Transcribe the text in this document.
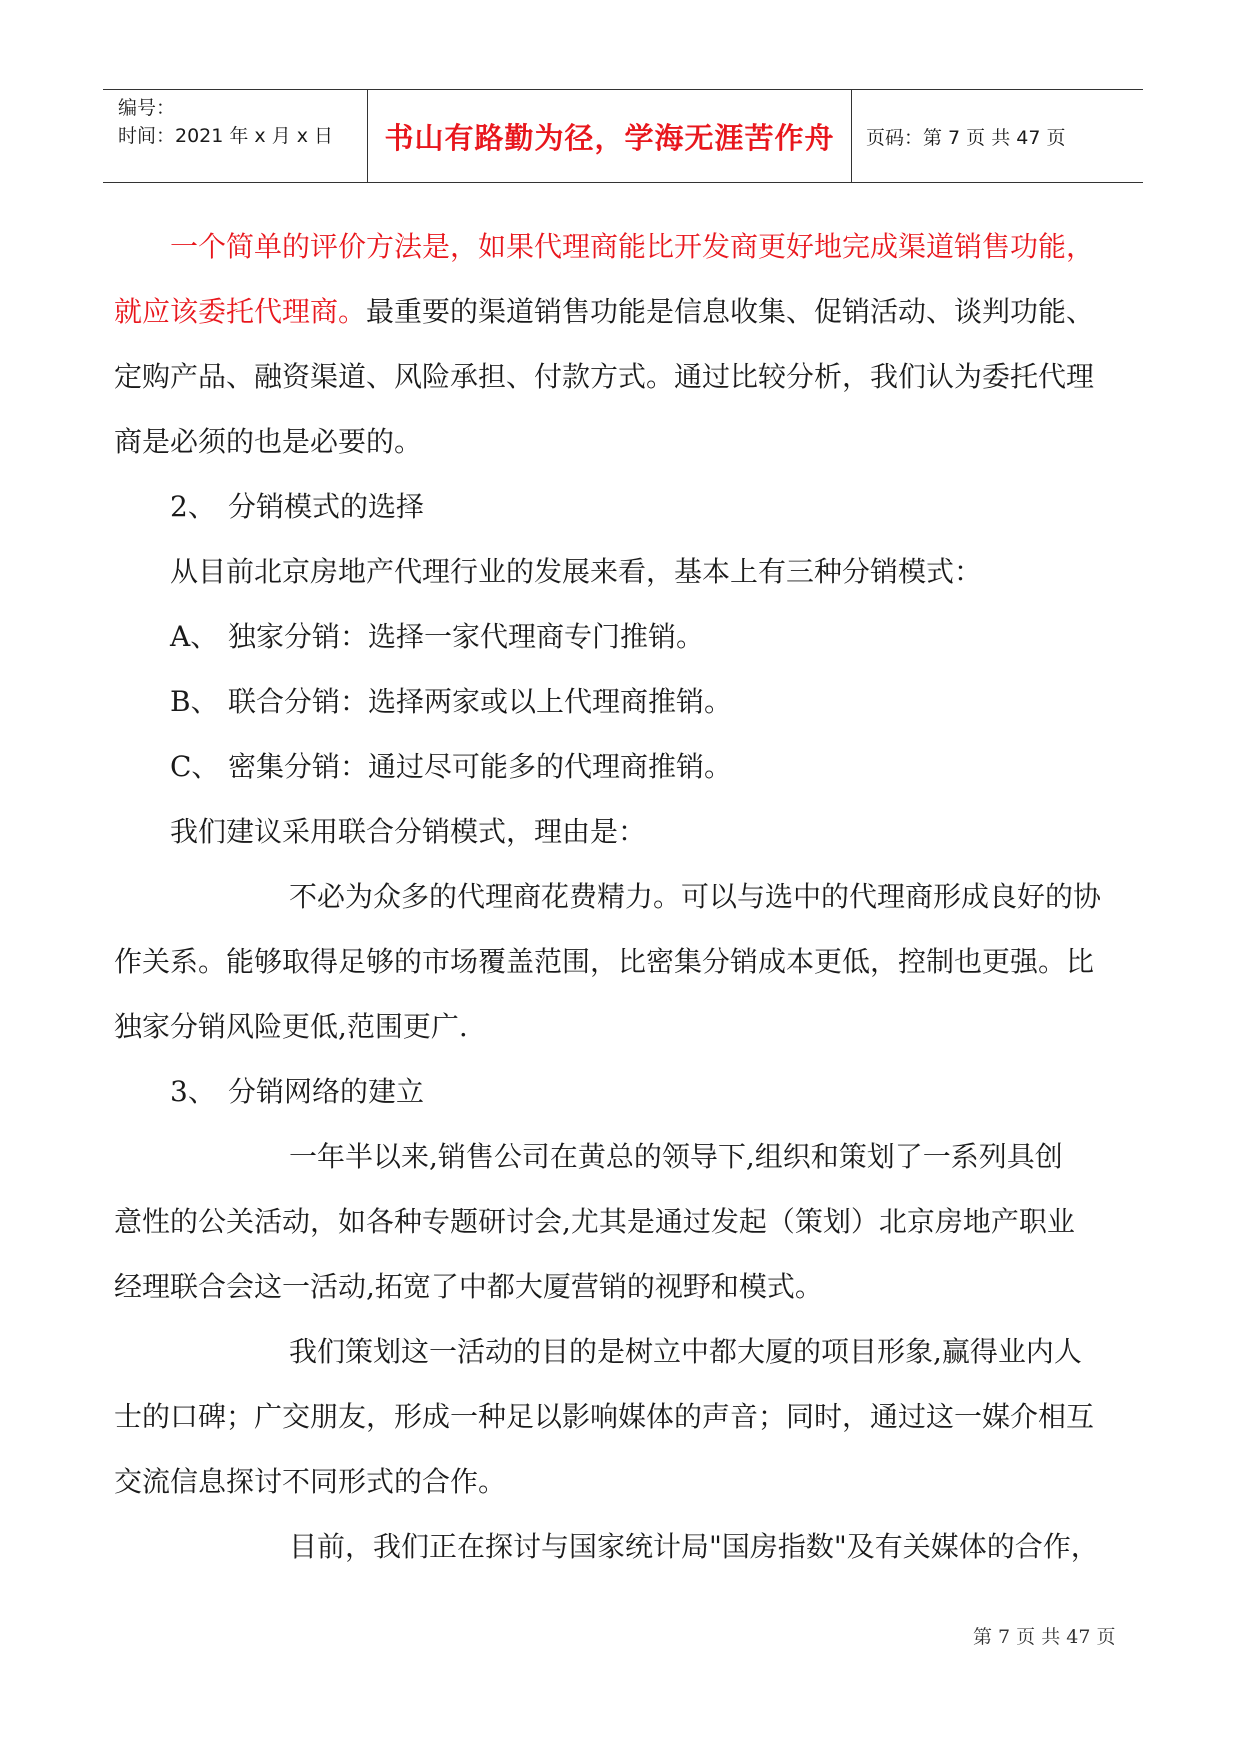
编号：
时间：2021 年 x 月 x 日	书山有路勤为径，学海无涯苦作舟	页码：第 7 页 共 47 页

一个简单的评价方法是，如果代理商能比开发商更好地完成渠道销售功能，

就应该委托代理商。最重要的渠道销售功能是信息收集、促销活动、谈判功能、

定购产品、融资渠道、风险承担、付款方式。通过比较分析，我们认为委托代理

商是必须的也是必要的。

2、 分销模式的选择

从目前北京房地产代理行业的发展来看，基本上有三种分销模式：

A、 独家分销：选择一家代理商专门推销。

B、 联合分销：选择两家或以上代理商推销。

C、 密集分销：通过尽可能多的代理商推销。

我们建议采用联合分销模式，理由是：

不必为众多的代理商花费精力。可以与选中的代理商形成良好的协

作关系。能够取得足够的市场覆盖范围，比密集分销成本更低，控制也更强。比

独家分销风险更低,范围更广.

3、 分销网络的建立

一年半以来,销售公司在黄总的领导下,组织和策划了一系列具创

意性的公关活动，如各种专题研讨会,尤其是通过发起（策划）北京房地产职业

经理联合会这一活动,拓宽了中都大厦营销的视野和模式。

我们策划这一活动的目的是树立中都大厦的项目形象,赢得业内人

士的口碑；广交朋友，形成一种足以影响媒体的声音；同时，通过这一媒介相互

交流信息探讨不同形式的合作。

目前，我们正在探讨与国家统计局"国房指数"及有关媒体的合作，

第 7 页 共 47 页
